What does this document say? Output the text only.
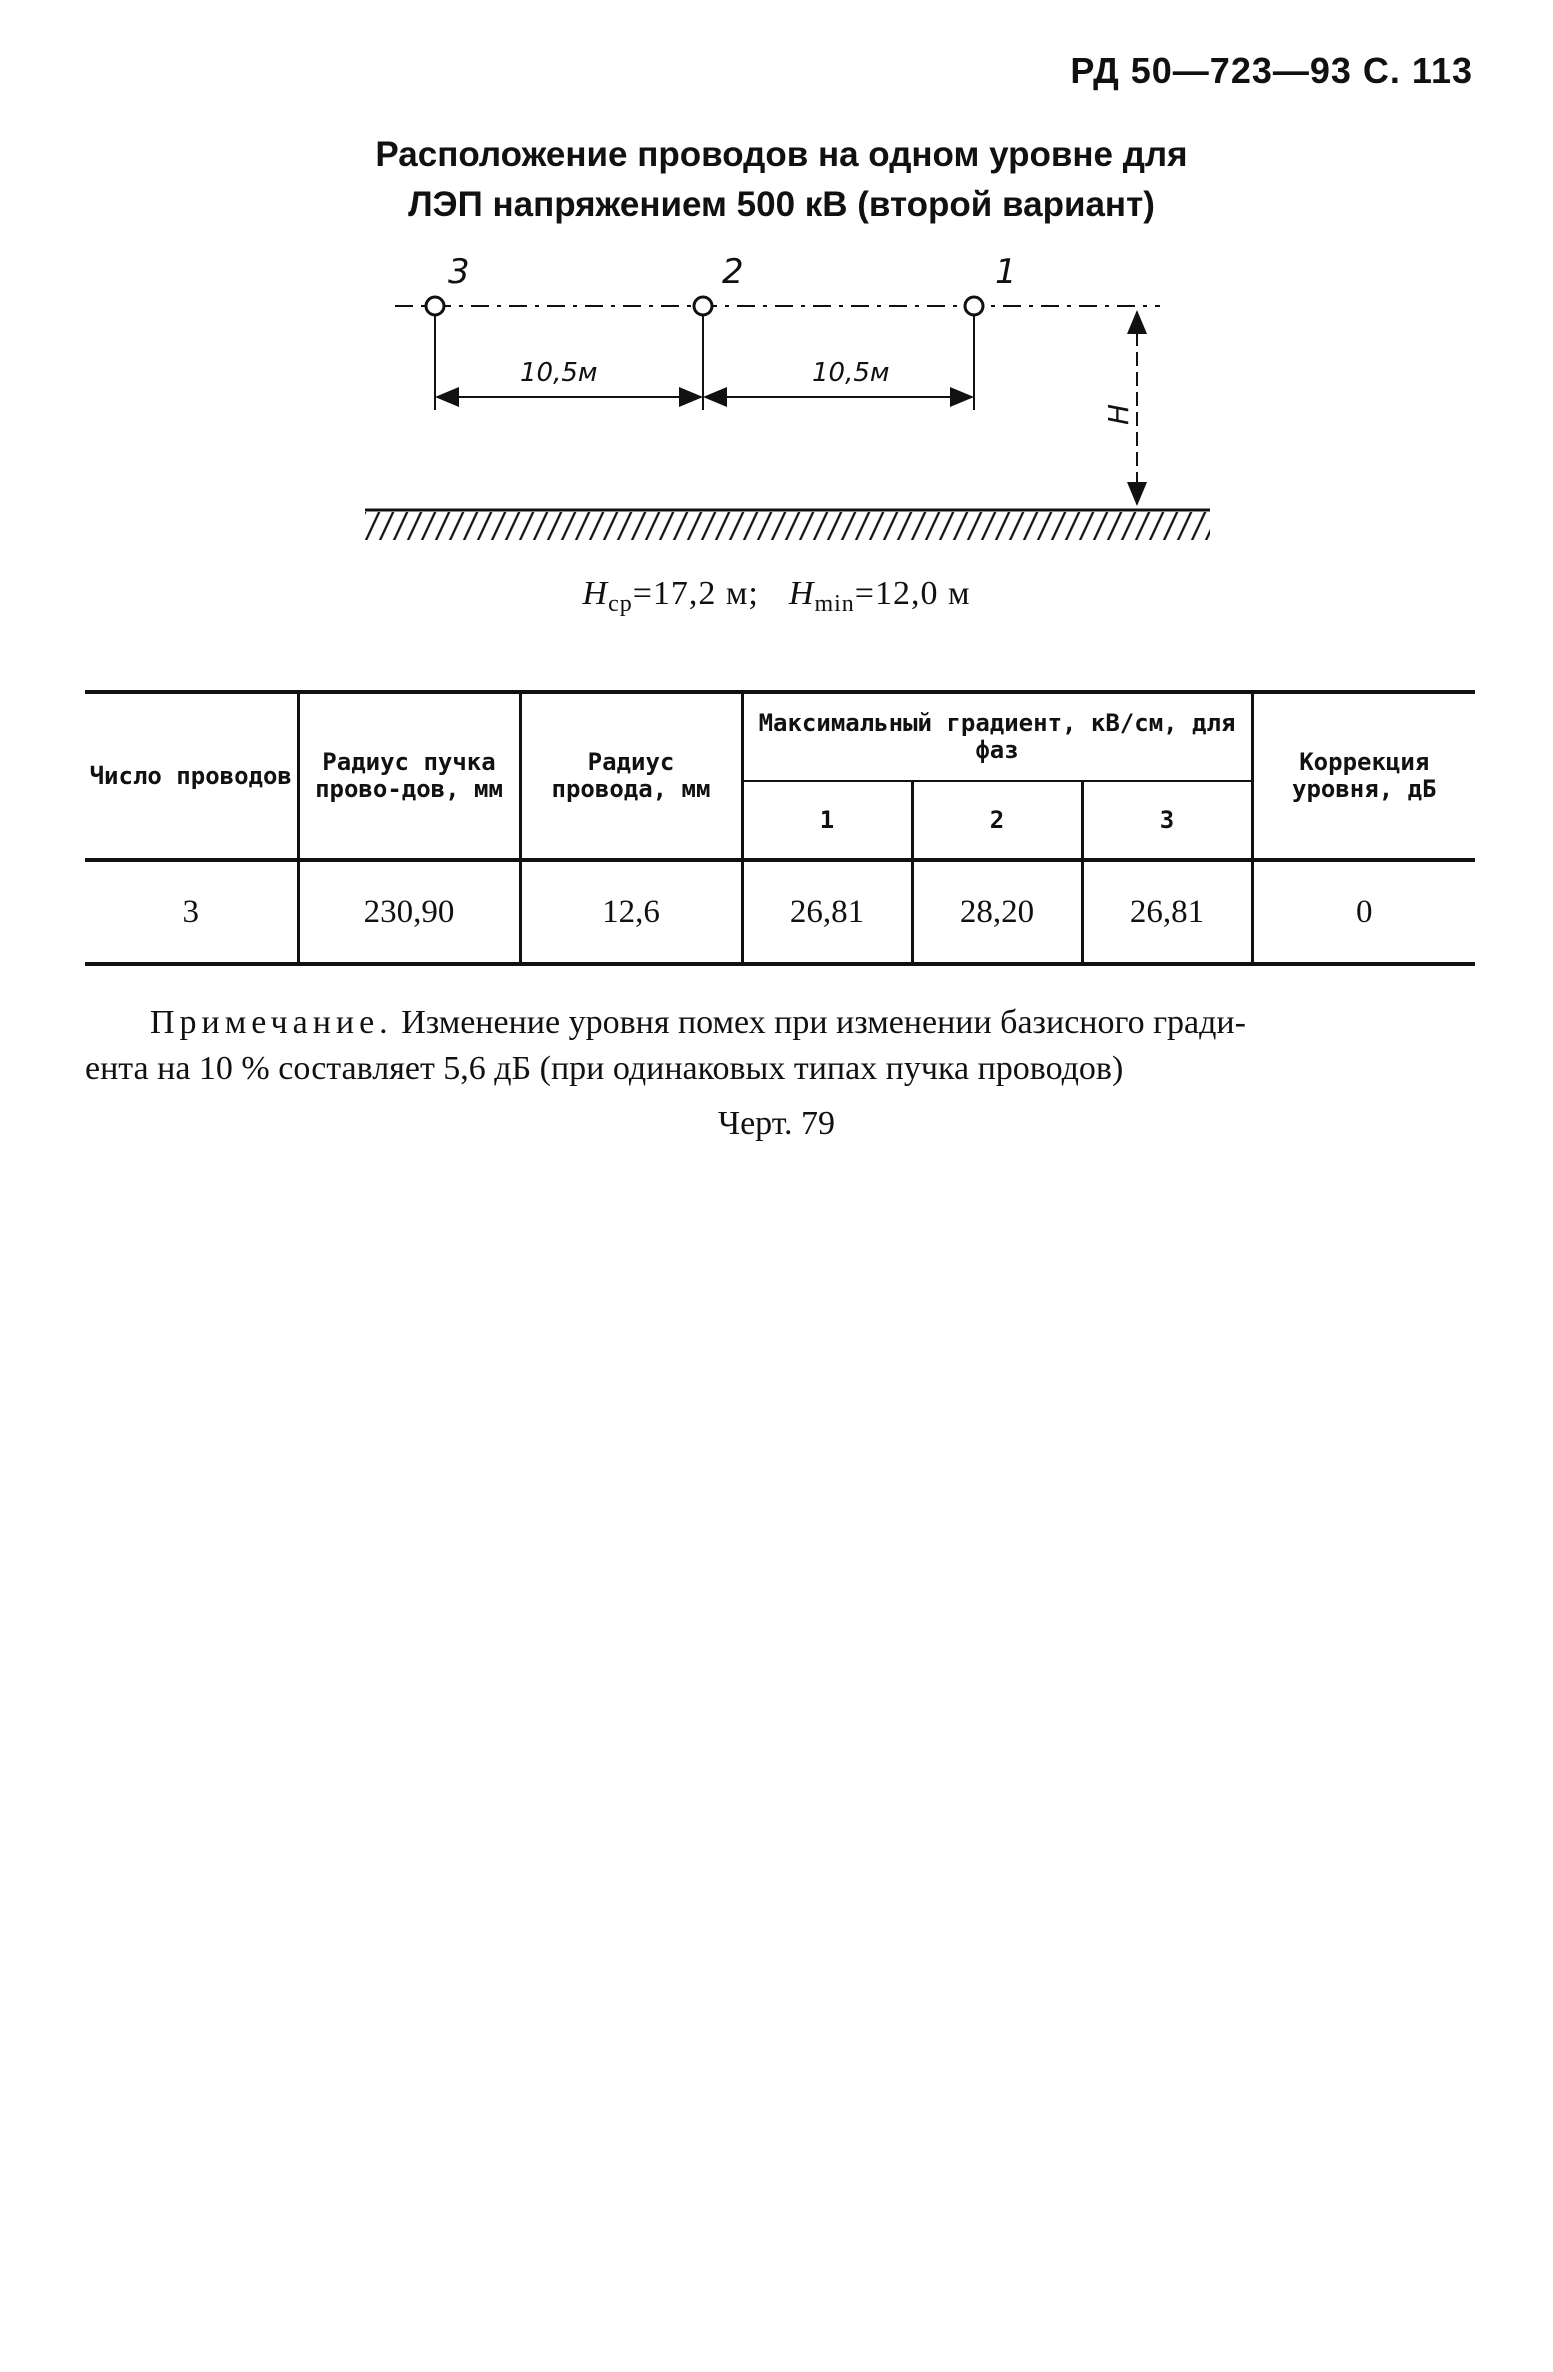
РД 50—723—93 С. 113
Расположение проводов на одном уровне для
ЛЭП напряжением 500 кВ (второй вариант)
3	2	1
10,5м	10,5м
H
$H_{cp}=17,2$ м; $H_{min}=12,0$ м
Число проводов	Радиус пучка прово-дов, мм	Радиус провода, мм	Максимальный градиент, кВ/см, для фаз			Коррекция уровня, дБ
			1	2	3	
3	230,90	12,6	26,81	28,20	26,81	0
Примечание. Изменение уровня помех при изменении базисного гради-
ента на 10 % составляет 5,6 дБ (при одинаковых типах пучка проводов)
Черт. 79
